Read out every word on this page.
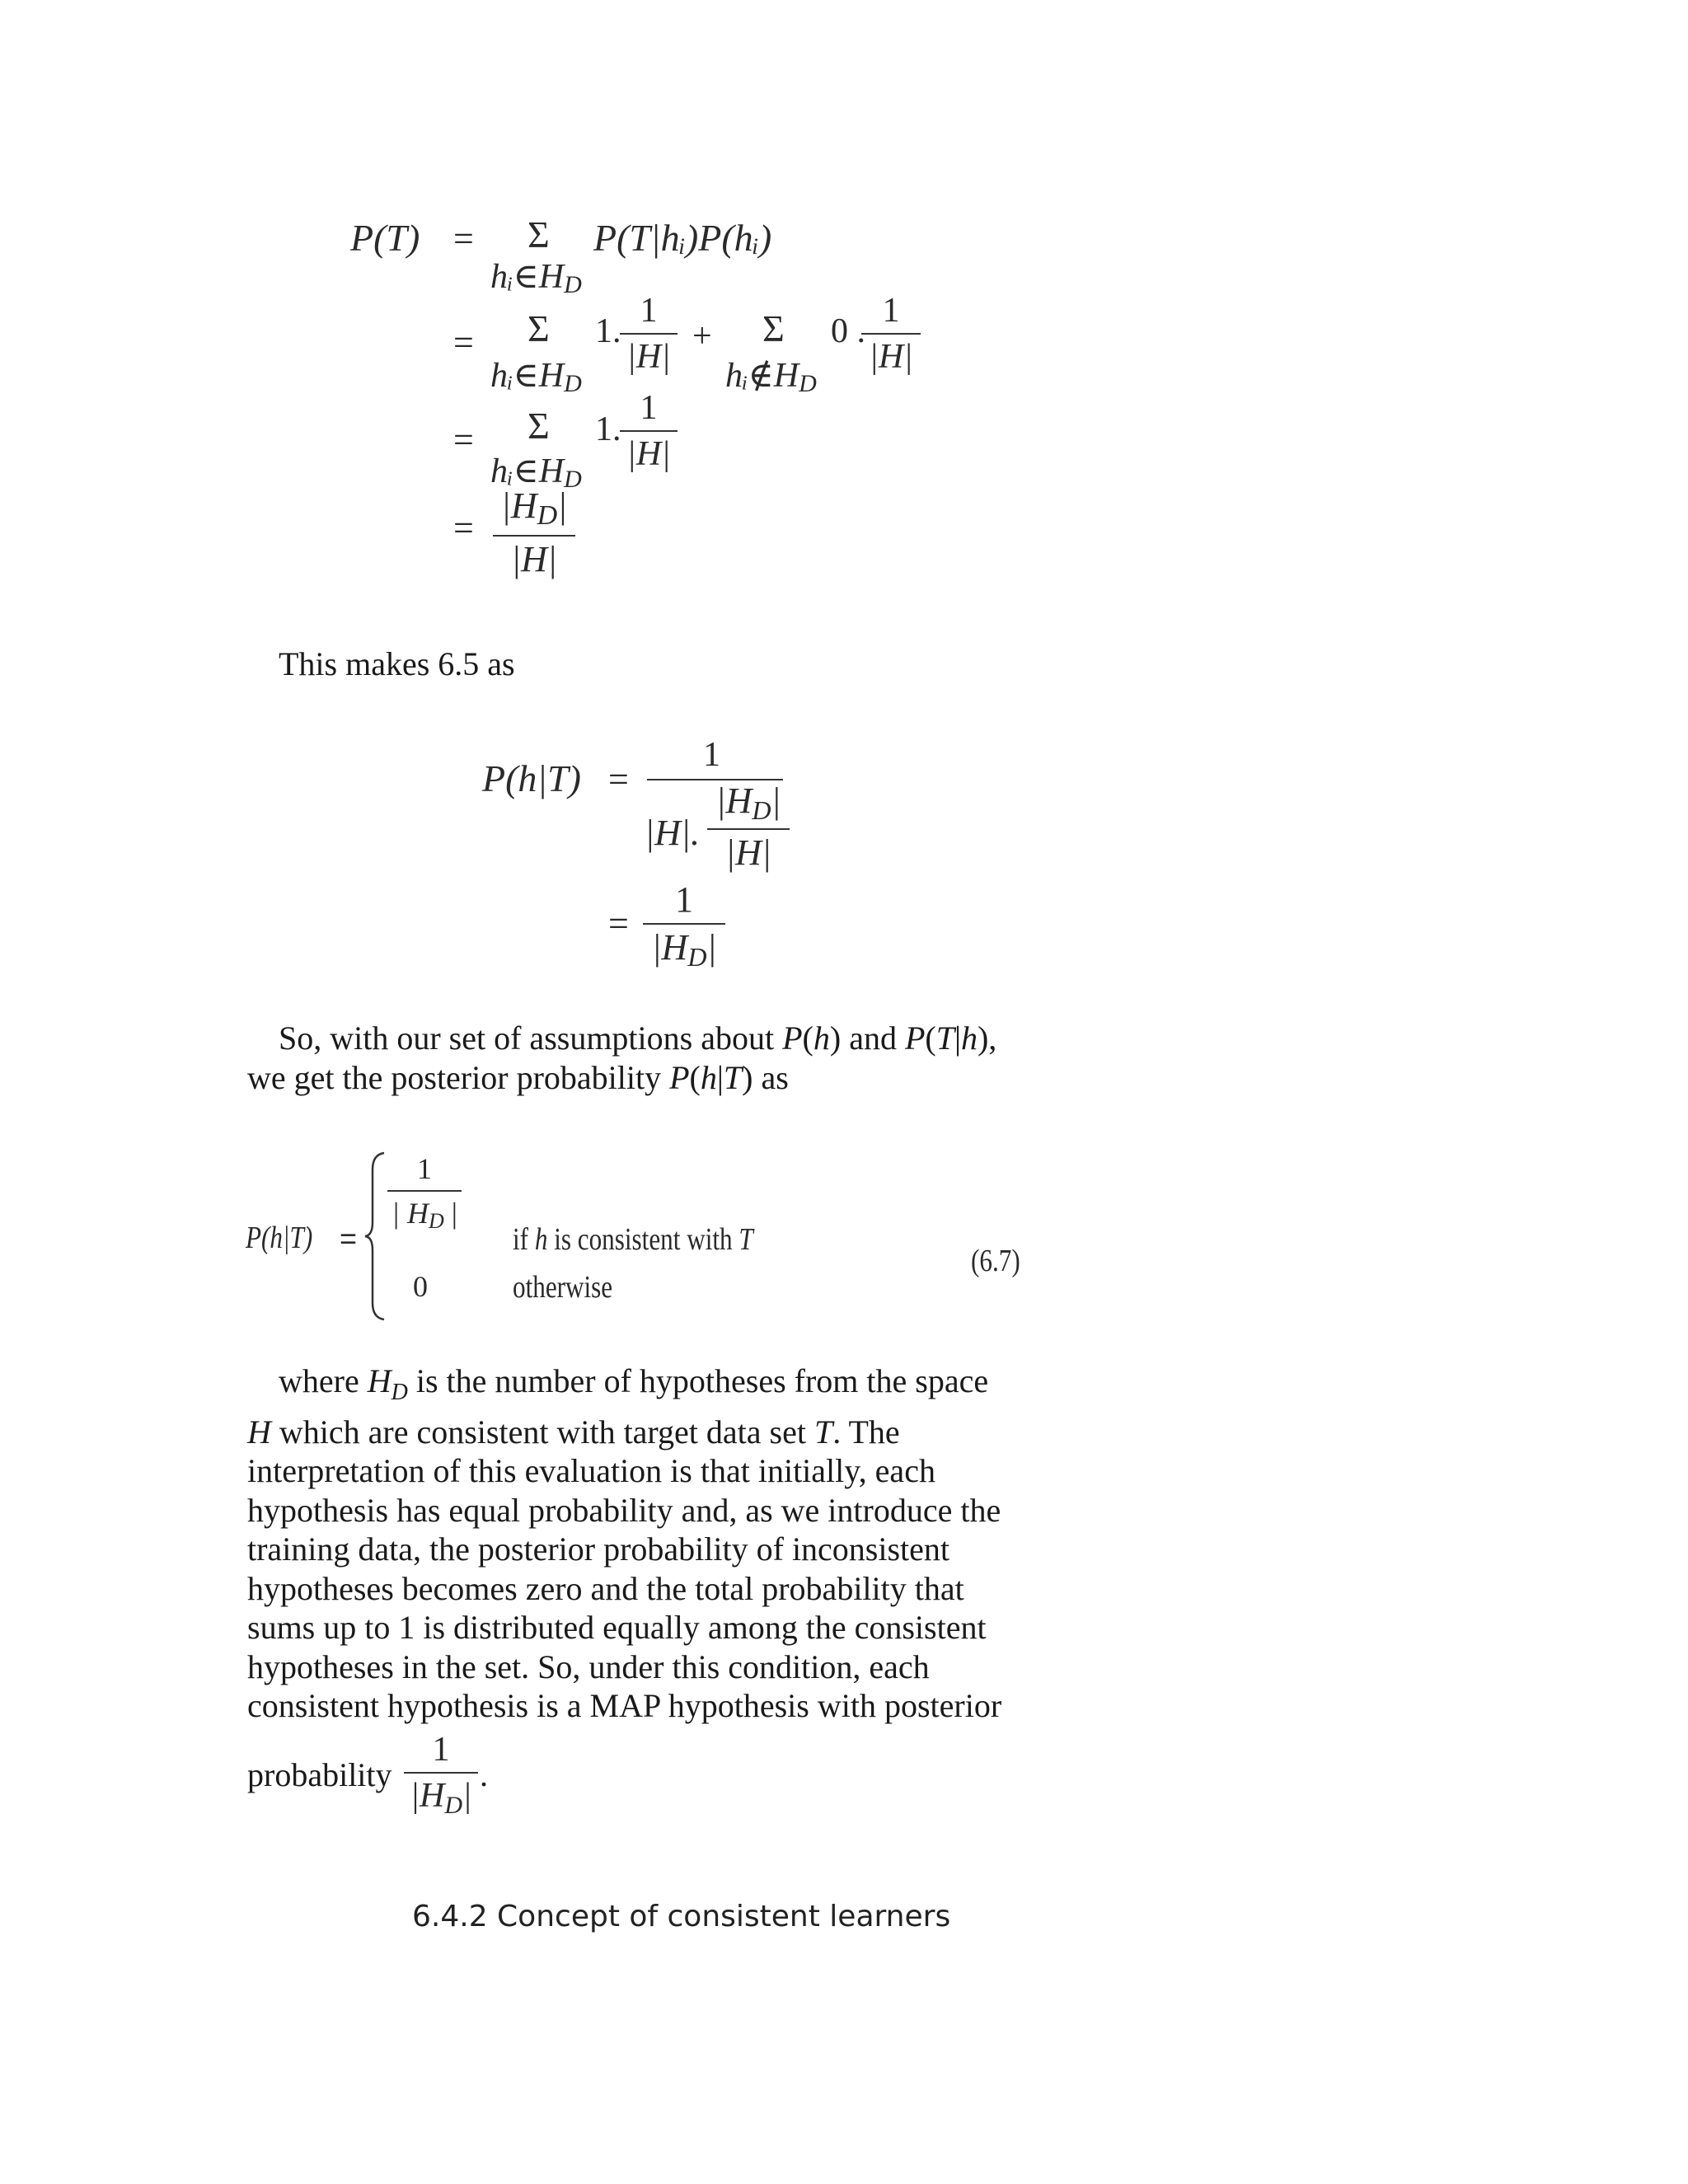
P(T) = Σ P(T|hᵢ)P(hᵢ)
hᵢ∈HD
= Σ 1.
1
|H|
+ Σ 0 .
1
|H|
hᵢ∈HD	hᵢ∉HD
= Σ 1.
1
|H|
hᵢ∈HD
=
|HD|
|H|
This makes 6.5 as
P(h|T) =
1
|H|.
|HD|
|H|
=
1
|HD|
So, with our set of assumptions about P(h) and P(T|h),
we get the posterior probability P(h|T) as
P(h|T) =
1
| HD |
0
if h is consistent with T
otherwise
(6.7)
where $H_D$ is the number of hypotheses from the space
H which are consistent with target data set T. The
interpretation of this evaluation is that initially, each
hypothesis has equal probability and, as we introduce the
training data, the posterior probability of inconsistent
hypotheses becomes zero and the total probability that
sums up to 1 is distributed equally among the consistent
hypotheses in the set. So, under this condition, each
consistent hypothesis is a MAP hypothesis with posterior
probability
1
|HD|
.
6.4.2 Concept of consistent learners
